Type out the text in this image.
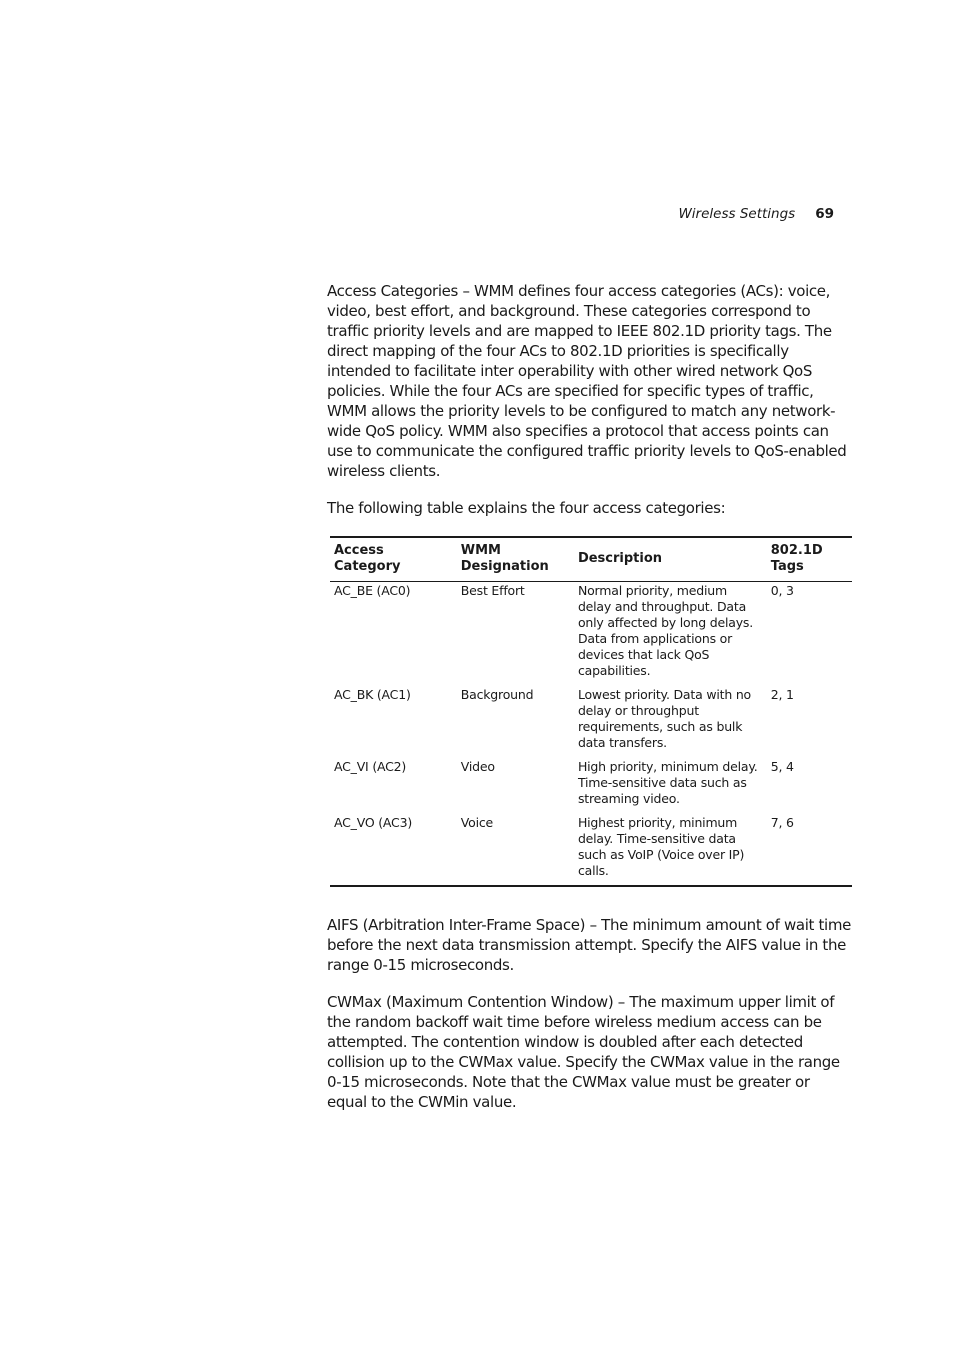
Wireless Settings 69

Access Categories – WMM defines four access categories (ACs): voice, video, best effort, and background. These categories correspond to traffic priority levels and are mapped to IEEE 802.1D priority tags. The direct mapping of the four ACs to 802.1D priorities is specifically intended to facilitate inter operability with other wired network QoS policies. While the four ACs are specified for specific types of traffic, WMM allows the priority levels to be configured to match any network-wide QoS policy. WMM also specifies a protocol that access points can use to communicate the configured traffic priority levels to QoS-enabled wireless clients.

The following table explains the four access categories:

Access Category	WMM Designation	Description	802.1D Tags
AC_BE (AC0)	Best Effort	Normal priority, medium delay and throughput. Data only affected by long delays. Data from applications or devices that lack QoS capabilities.	0, 3
AC_BK (AC1)	Background	Lowest priority. Data with no delay or throughput requirements, such as bulk data transfers.	2, 1
AC_VI (AC2)	Video	High priority, minimum delay. Time-sensitive data such as streaming video.	5, 4
AC_VO (AC3)	Voice	Highest priority, minimum delay. Time-sensitive data such as VoIP (Voice over IP) calls.	7, 6

AIFS (Arbitration Inter-Frame Space) – The minimum amount of wait time before the next data transmission attempt. Specify the AIFS value in the range 0-15 microseconds.

CWMax (Maximum Contention Window) – The maximum upper limit of the random backoff wait time before wireless medium access can be attempted. The contention window is doubled after each detected collision up to the CWMax value. Specify the CWMax value in the range 0-15 microseconds. Note that the CWMax value must be greater or equal to the CWMin value.
